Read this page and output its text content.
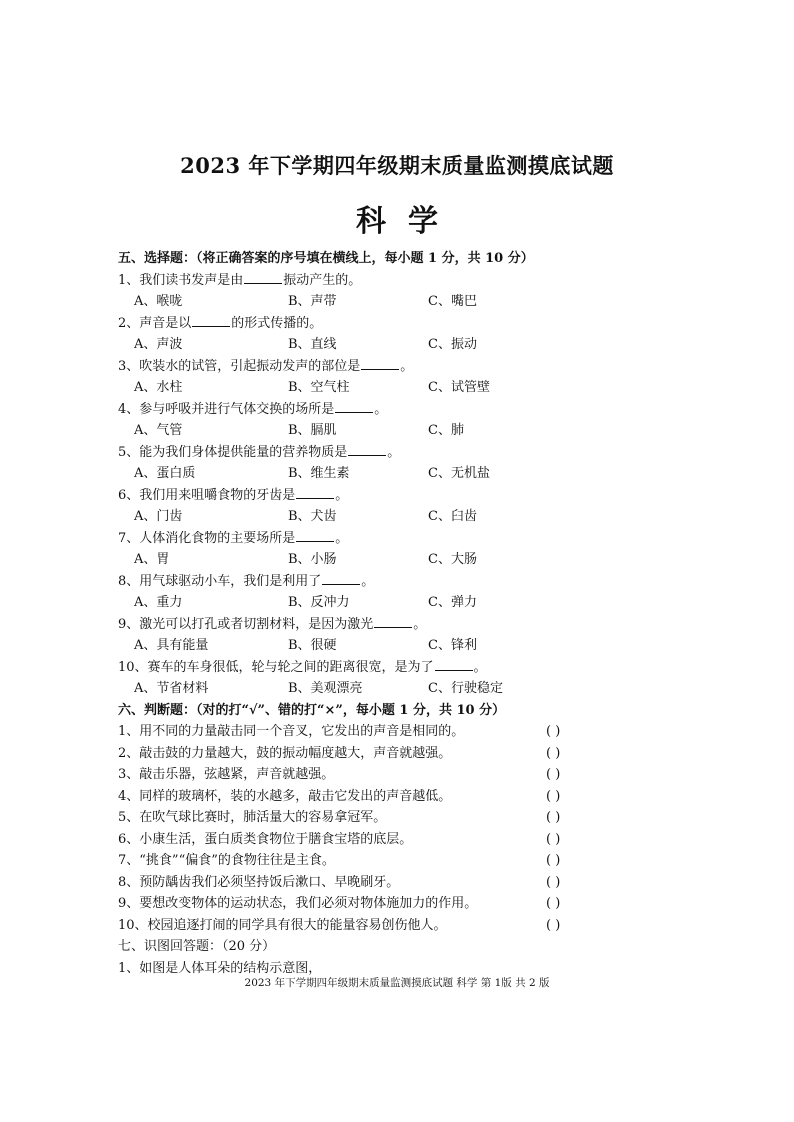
2023 年下学期四年级期末质量监测摸底试题
科学
五、选择题：（将正确答案的序号填在横线上，每小题 1 分，共 10 分）
1、我们读书发声是由	振动产生的。
A、喉咙	B、声带	C、嘴巴
2、声音是以	的形式传播的。
A、声波	B、直线	C、振动
3、吹装水的试管，引起振动发声的部位是	。
A、水柱	B、空气柱	C、试管壁
4、参与呼吸并进行气体交换的场所是	。
A、气管	B、膈肌	C、肺
5、能为我们身体提供能量的营养物质是	。
A、蛋白质	B、维生素	C、无机盐
6、我们用来咀嚼食物的牙齿是	。
A、门齿	B、犬齿	C、臼齿
7、人体消化食物的主要场所是	。
A、胃	B、小肠	C、大肠
8、用气球驱动小车，我们是利用了	。
A、重力	B、反冲力	C、弹力
9、激光可以打孔或者切割材料，是因为激光	。
A、具有能量	B、很硬	C、锋利
10、赛车的车身很低，轮与轮之间的距离很宽，是为了	。
A、节省材料	B、美观漂亮	C、行驶稳定
六、判断题：（对的打“√”、错的打“×”，每小题 1 分，共 10 分）
1、用不同的力量敲击同一个音叉，它发出的声音是相同的。	( )
2、敲击鼓的力量越大，鼓的振动幅度越大，声音就越强。	( )
3、敲击乐器，弦越紧，声音就越强。	( )
4、同样的玻璃杯，装的水越多，敲击它发出的声音越低。	( )
5、在吹气球比赛时，肺活量大的容易拿冠军。	( )
6、小康生活，蛋白质类食物位于膳食宝塔的底层。	( )
7、“挑食”“偏食”的食物往往是主食。	( )
8、预防龋齿我们必须坚持饭后漱口、早晚刷牙。	( )
9、要想改变物体的运动状态，我们必须对物体施加力的作用。	( )
10、校园追逐打闹的同学具有很大的能量容易创伤他人。	( )
七、识图回答题：（20 分）
1、如图是人体耳朵的结构示意图，
2023 年下学期四年级期末质量监测摸底试题 科学 第 1版 共 2 版
